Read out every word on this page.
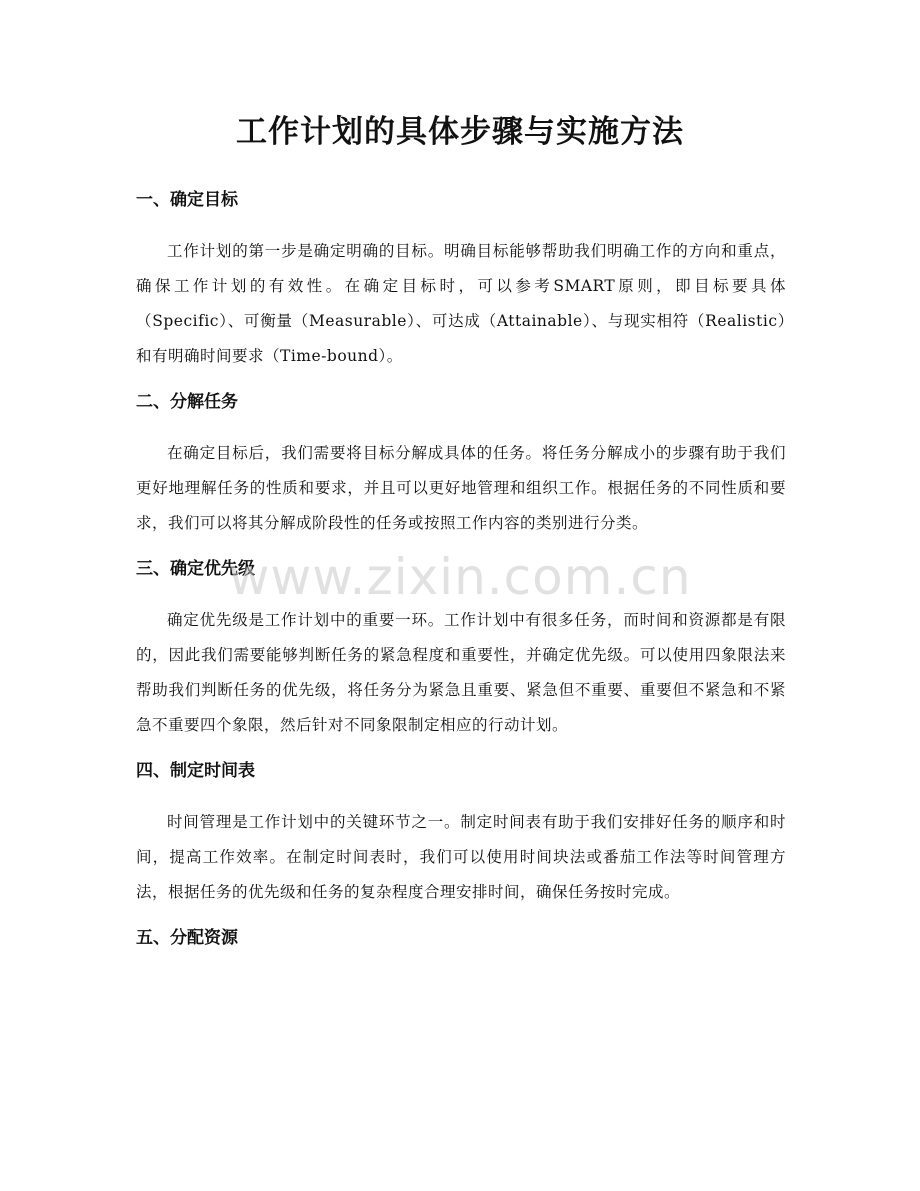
工作计划的具体步骤与实施方法
一、确定目标

工作计划的第一步是确定明确的目标。明确目标能够帮助我们明确工作的方向和重点，确保工作计划的有效性。在确定目标时，可以参考SMART原则，即目标要具体（Specific）、可衡量（Measurable）、可达成（Attainable）、与现实相符（Realistic）和有明确时间要求（Time-bound）。

二、分解任务

在确定目标后，我们需要将目标分解成具体的任务。将任务分解成小的步骤有助于我们更好地理解任务的性质和要求，并且可以更好地管理和组织工作。根据任务的不同性质和要求，我们可以将其分解成阶段性的任务或按照工作内容的类别进行分类。

三、确定优先级

确定优先级是工作计划中的重要一环。工作计划中有很多任务，而时间和资源都是有限的，因此我们需要能够判断任务的紧急程度和重要性，并确定优先级。可以使用四象限法来帮助我们判断任务的优先级，将任务分为紧急且重要、紧急但不重要、重要但不紧急和不紧急不重要四个象限，然后针对不同象限制定相应的行动计划。

四、制定时间表

时间管理是工作计划中的关键环节之一。制定时间表有助于我们安排好任务的顺序和时间，提高工作效率。在制定时间表时，我们可以使用时间块法或番茄工作法等时间管理方法，根据任务的优先级和任务的复杂程度合理安排时间，确保任务按时完成。

五、分配资源
www.zixin.com.cn
